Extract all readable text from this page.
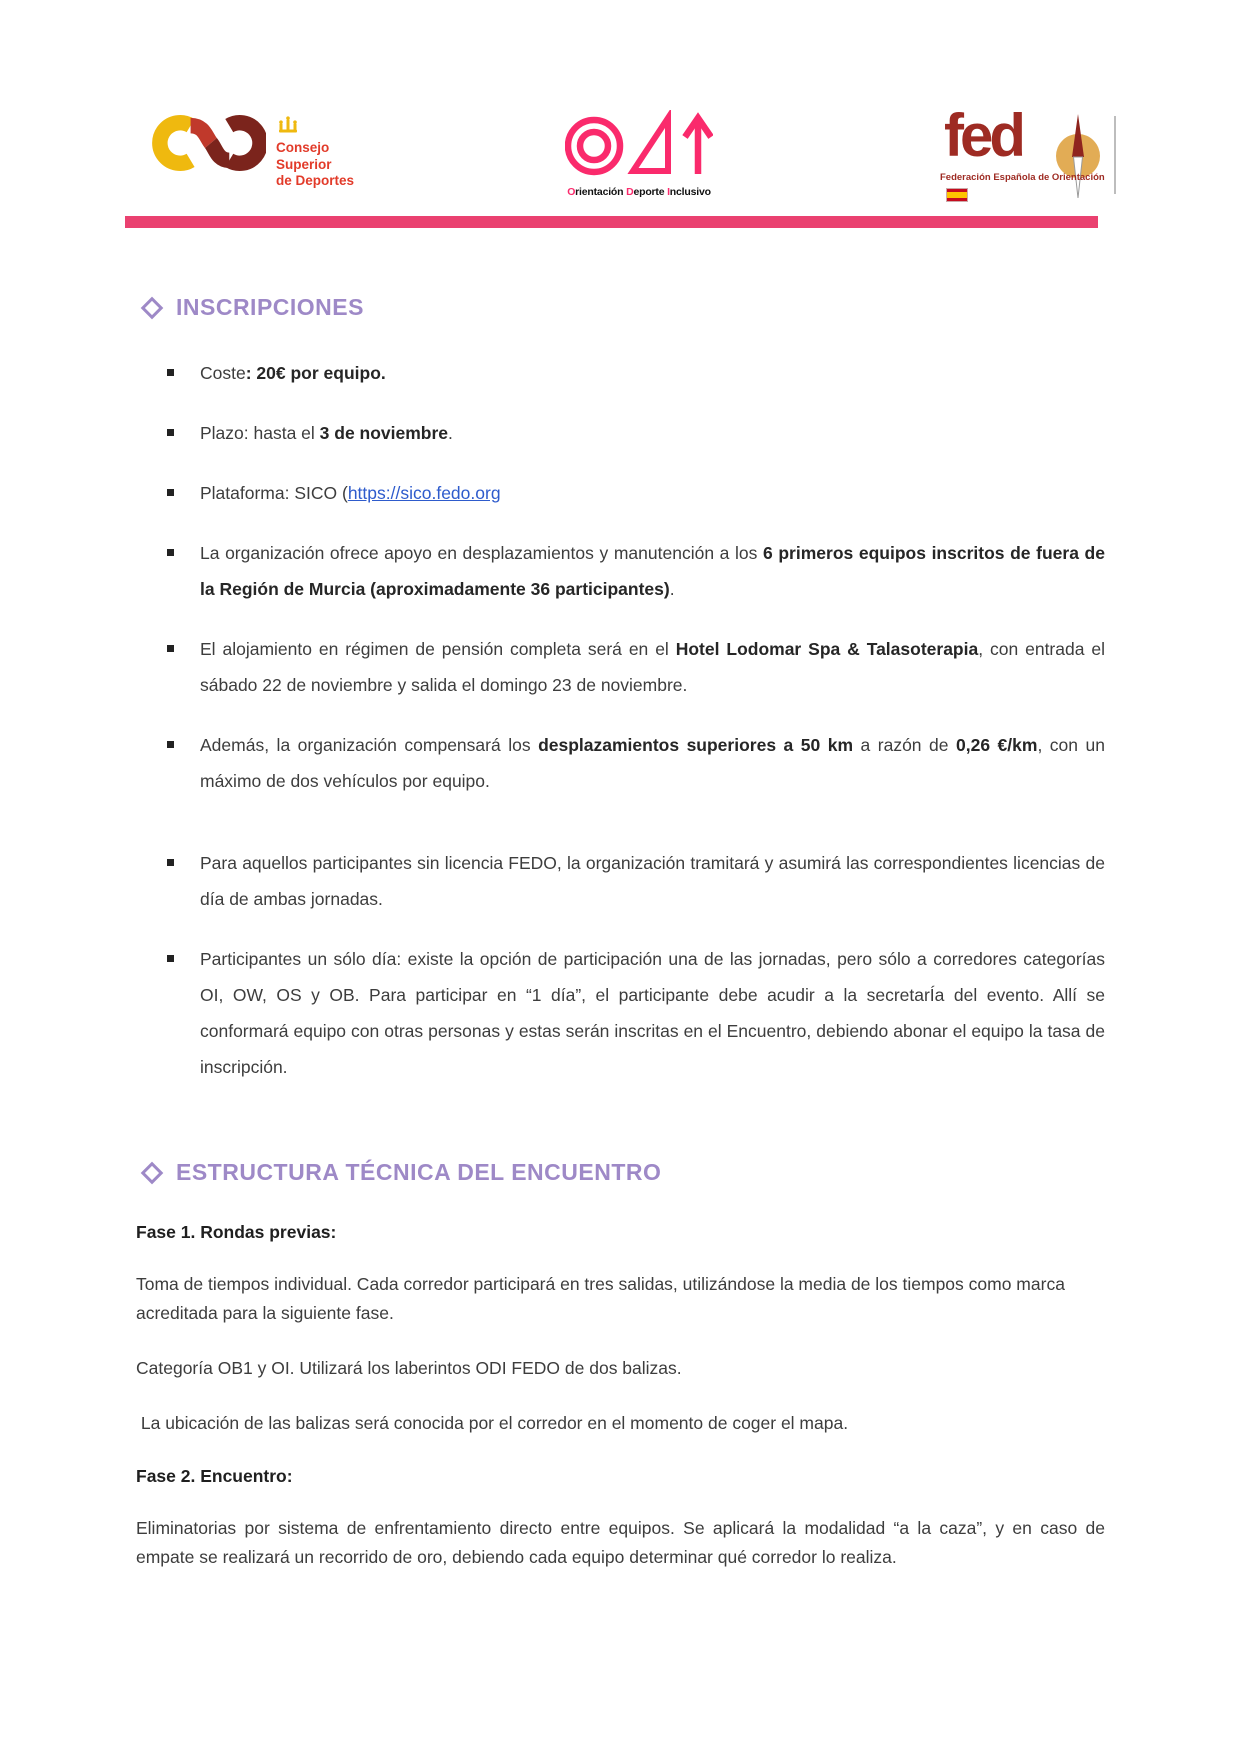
Consejo
Superior
de Deportes
Orientación Deporte Inclusivo
fed
Federación Española de Orientación
INSCRIPCIONES
Coste: 20€ por equipo.
Plazo: hasta el 3 de noviembre.
Plataforma: SICO (https://sico.fedo.org
La organización ofrece apoyo en desplazamientos y manutención a los 6 primeros equipos inscritos de fuera de la Región de Murcia (aproximadamente 36 participantes).
El alojamiento en régimen de pensión completa será en el Hotel Lodomar Spa & Talasoterapia, con entrada el sábado 22 de noviembre y salida el domingo 23 de noviembre.
Además, la organización compensará los desplazamientos superiores a 50 km a razón de 0,26 €/km, con un máximo de dos vehículos por equipo.
Para aquellos participantes sin licencia FEDO, la organización tramitará y asumirá las correspondientes licencias de día de ambas jornadas.
Participantes un sólo día: existe la opción de participación una de las jornadas, pero sólo a corredores categorías OI, OW, OS y OB. Para participar en “1 día”, el participante debe acudir a la secretarÍa del evento. Allí se conformará equipo con otras personas y estas serán inscritas en el Encuentro, debiendo abonar el equipo la tasa de inscripción.
ESTRUCTURA TÉCNICA DEL ENCUENTRO

Fase 1. Rondas previas:

Toma de tiempos individual. Cada corredor participará en tres salidas, utilizándose la media de los tiempos como marca acreditada para la siguiente fase.

Categoría OB1 y OI. Utilizará los laberintos ODI FEDO de dos balizas.

La ubicación de las balizas será conocida por el corredor en el momento de coger el mapa.

Fase 2. Encuentro:

Eliminatorias por sistema de enfrentamiento directo entre equipos. Se aplicará la modalidad “a la caza”, y en caso de empate se realizará un recorrido de oro, debiendo cada equipo determinar qué corredor lo realiza.
